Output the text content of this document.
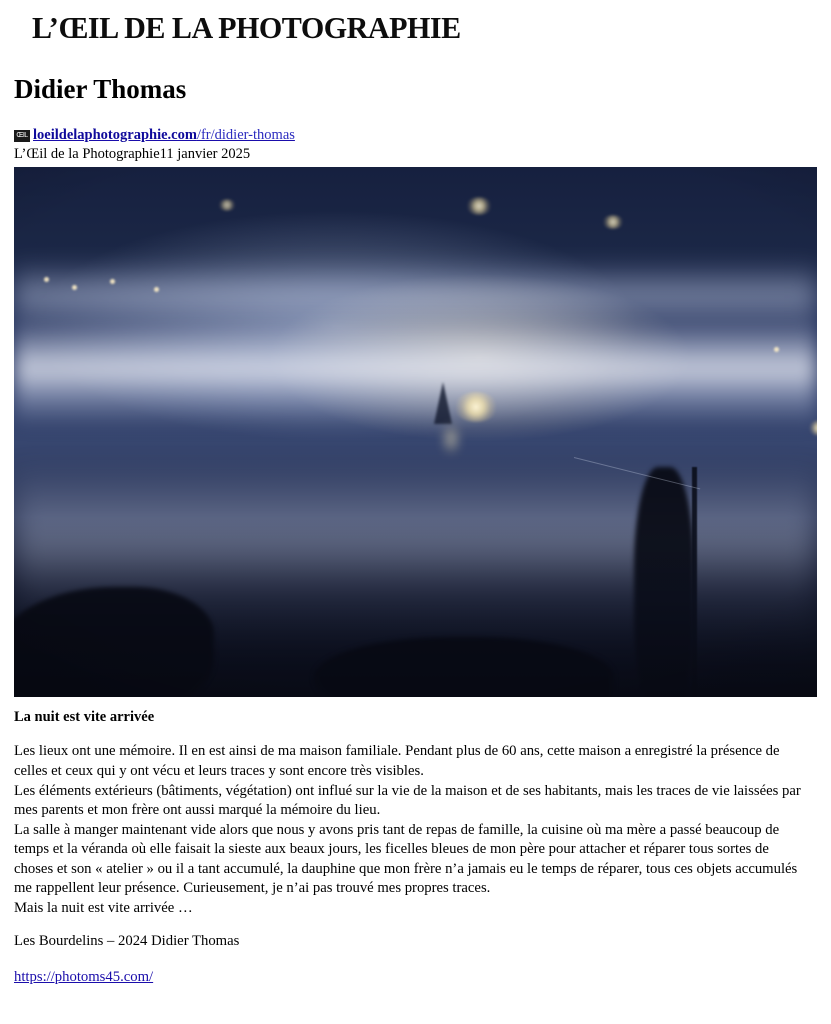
L’ŒIL DE LA PHOTOGRAPHIE
Didier Thomas
ŒIL loeildelaphotographie.com/fr/didier-thomas
L’Œil de la Photographie11 janvier 2025
La nuit est vite arrivée

Les lieux ont une mémoire. Il en est ainsi de ma maison familiale. Pendant plus de 60 ans, cette maison a enregistré la présence de celles et ceux qui y ont vécu et leurs traces y sont encore très visibles.

Les éléments extérieurs (bâtiments, végétation) ont influé sur la vie de la maison et de ses habitants, mais les traces de vie laissées par mes parents et mon frère ont aussi marqué la mémoire du lieu.

La salle à manger maintenant vide alors que nous y avons pris tant de repas de famille, la cuisine où ma mère a passé beaucoup de temps et la véranda où elle faisait la sieste aux beaux jours, les ficelles bleues de mon père pour attacher et réparer tous sortes de choses et son « atelier » ou il a tant accumulé, la dauphine que mon frère n’a jamais eu le temps de réparer, tous ces objets accumulés me rappellent leur présence. Curieusement, je n’ai pas trouvé mes propres traces.

Mais la nuit est vite arrivée …

Les Bourdelins – 2024 Didier Thomas
https://photoms45.com/
